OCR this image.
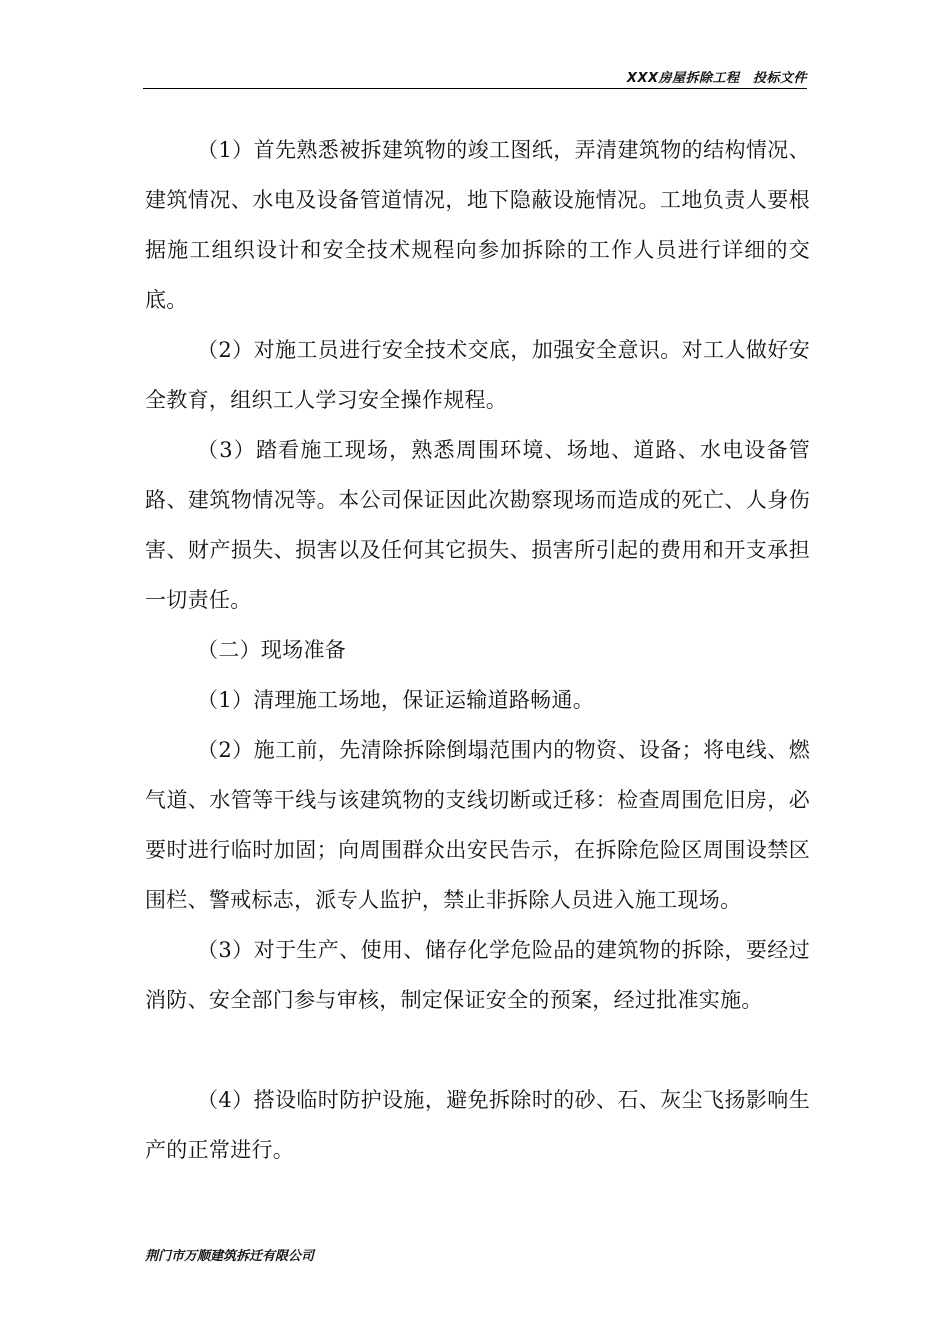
XXX房屋拆除工程　投标文件

（1）首先熟悉被拆建筑物的竣工图纸，弄清建筑物的结构情况、建筑情况、水电及设备管道情况，地下隐蔽设施情况。工地负责人要根据施工组织设计和安全技术规程向参加拆除的工作人员进行详细的交底。

（2）对施工员进行安全技术交底，加强安全意识。对工人做好安全教育，组织工人学习安全操作规程。

（3）踏看施工现场，熟悉周围环境、场地、道路、水电设备管路、建筑物情况等。本公司保证因此次勘察现场而造成的死亡、人身伤害、财产损失、损害以及任何其它损失、损害所引起的费用和开支承担一切责任。

（二）现场准备

（1）清理施工场地，保证运输道路畅通。

（2）施工前，先清除拆除倒塌范围内的物资、设备；将电线、燃气道、水管等干线与该建筑物的支线切断或迁移：检查周围危旧房，必要时进行临时加固；向周围群众出安民告示，在拆除危险区周围设禁区围栏、警戒标志，派专人监护，禁止非拆除人员进入施工现场。

（3）对于生产、使用、储存化学危险品的建筑物的拆除，要经过消防、安全部门参与审核，制定保证安全的预案，经过批准实施。

（4）搭设临时防护设施，避免拆除时的砂、石、灰尘飞扬影响生产的正常进行。

荆门市万顺建筑拆迁有限公司
